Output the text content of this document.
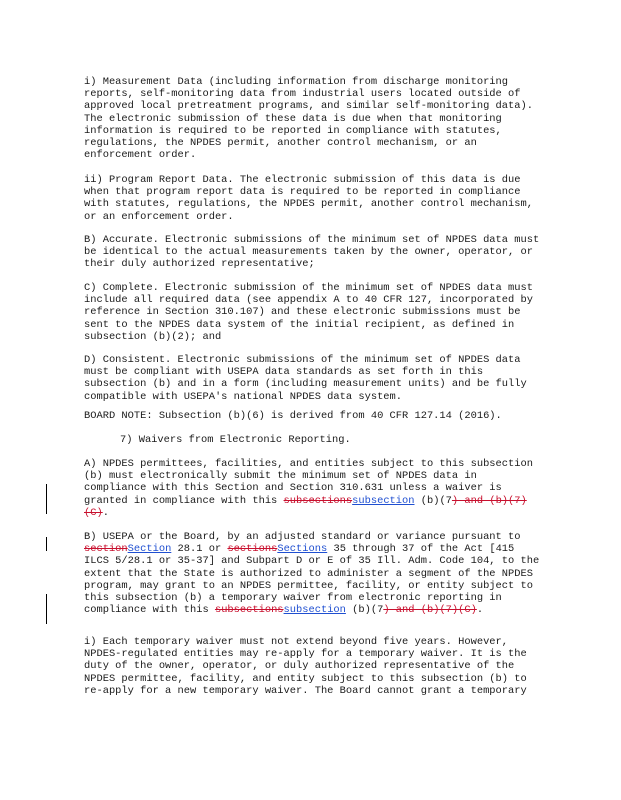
i) Measurement Data (including information from discharge monitoring reports, self-monitoring data from industrial users located outside of approved local pretreatment programs, and similar self-monitoring data). The electronic submission of these data is due when that monitoring information is required to be reported in compliance with statutes, regulations, the NPDES permit, another control mechanism, or an enforcement order.

ii) Program Report Data. The electronic submission of this data is due when that program report data is required to be reported in compliance with statutes, regulations, the NPDES permit, another control mechanism, or an enforcement order.

B) Accurate. Electronic submissions of the minimum set of NPDES data must be identical to the actual measurements taken by the owner, operator, or their duly authorized representative;

C) Complete. Electronic submission of the minimum set of NPDES data must include all required data (see appendix A to 40 CFR 127, incorporated by reference in Section 310.107) and these electronic submissions must be sent to the NPDES data system of the initial recipient, as defined in subsection (b)(2); and

D) Consistent. Electronic submissions of the minimum set of NPDES data must be compliant with USEPA data standards as set forth in this subsection (b) and in a form (including measurement units) and be fully compatible with USEPA's national NPDES data system.

BOARD NOTE: Subsection (b)(6) is derived from 40 CFR 127.14 (2016).

7) Waivers from Electronic Reporting.

A) NPDES permittees, facilities, and entities subject to this subsection (b) must electronically submit the minimum set of NPDES data in compliance with this Section and Section 310.631 unless a waiver is granted in compliance with this subsectionssubsection (b)(7) and (b)(7)(C).

B) USEPA or the Board, by an adjusted standard or variance pursuant to sectionSection 28.1 or sectionsSections 35 through 37 of the Act [415 ILCS 5/28.1 or 35-37] and Subpart D or E of 35 Ill. Adm. Code 104, to the extent that the State is authorized to administer a segment of the NPDES program, may grant to an NPDES permittee, facility, or entity subject to this subsection (b) a temporary waiver from electronic reporting in compliance with this subsectionssubsection (b)(7) and (b)(7)(C).

i) Each temporary waiver must not extend beyond five years. However, NPDES-regulated entities may re-apply for a temporary waiver. It is the duty of the owner, operator, or duly authorized representative of the NPDES permittee, facility, and entity subject to this subsection (b) to re-apply for a new temporary waiver. The Board cannot grant a temporary
